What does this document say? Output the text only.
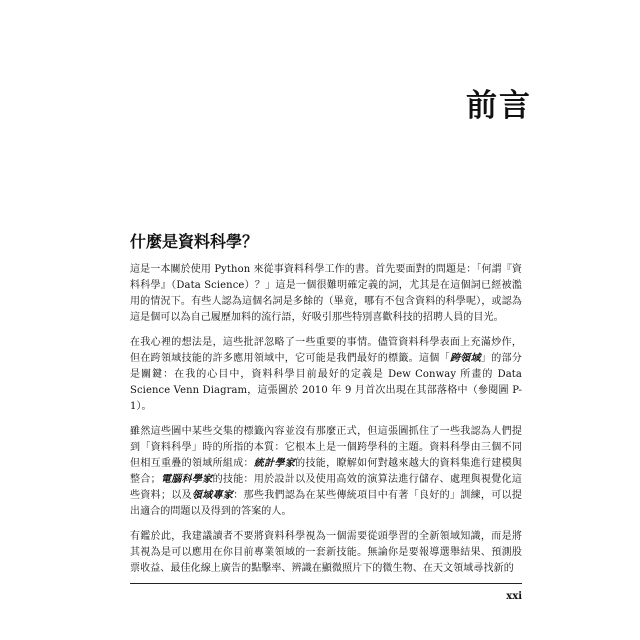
前言
什麼是資料科學？

這是一本關於使用 Python 來從事資料科學工作的書。首先要面對的問題是：「何謂『資料科學』（Data Science）？」這是一個很難明確定義的詞，尤其是在這個詞已經被濫用的情況下。有些人認為這個名詞是多餘的（畢竟，哪有不包含資料的科學呢），或認為這是個可以為自己履歷加料的流行語，好吸引那些特別喜歡科技的招聘人員的目光。

在我心裡的想法是，這些批評忽略了一些重要的事情。儘管資料科學表面上充滿炒作，但在跨領域技能的許多應用領域中，它可能是我們最好的標籤。這個「跨領域」的部分是關鍵：在我的心目中，資料科學目前最好的定義是 Dew Conway 所畫的 Data Science Venn Diagram，這張圖於 2010 年 9 月首次出現在其部落格中（參閱圖 P-1）。

雖然這些圖中某些交集的標籤內容並沒有那麼正式，但這張圖抓住了一些我認為人們提到「資料科學」時的所指的本質：它根本上是一個跨學科的主題。資料科學由三個不同但相互重疊的領域所組成：統計學家的技能，瞭解如何對越來越大的資料集進行建模與整合；電腦科學家的技能：用於設計以及使用高效的演算法進行儲存、處理與視覺化這些資料；以及領域專家：那些我們認為在某些傳統項目中有著「良好的」訓練，可以提出適合的問題以及得到的答案的人。

有鑑於此，我建議讀者不要將資料科學視為一個需要從頭學習的全新領域知識，而是將其視為是可以應用在你目前專業領域的一套新技能。無論你是要報導選舉結果、預測股票收益、最佳化線上廣告的點擊率、辨識在顯微照片下的微生物、在天文領域尋找新的

xxi
